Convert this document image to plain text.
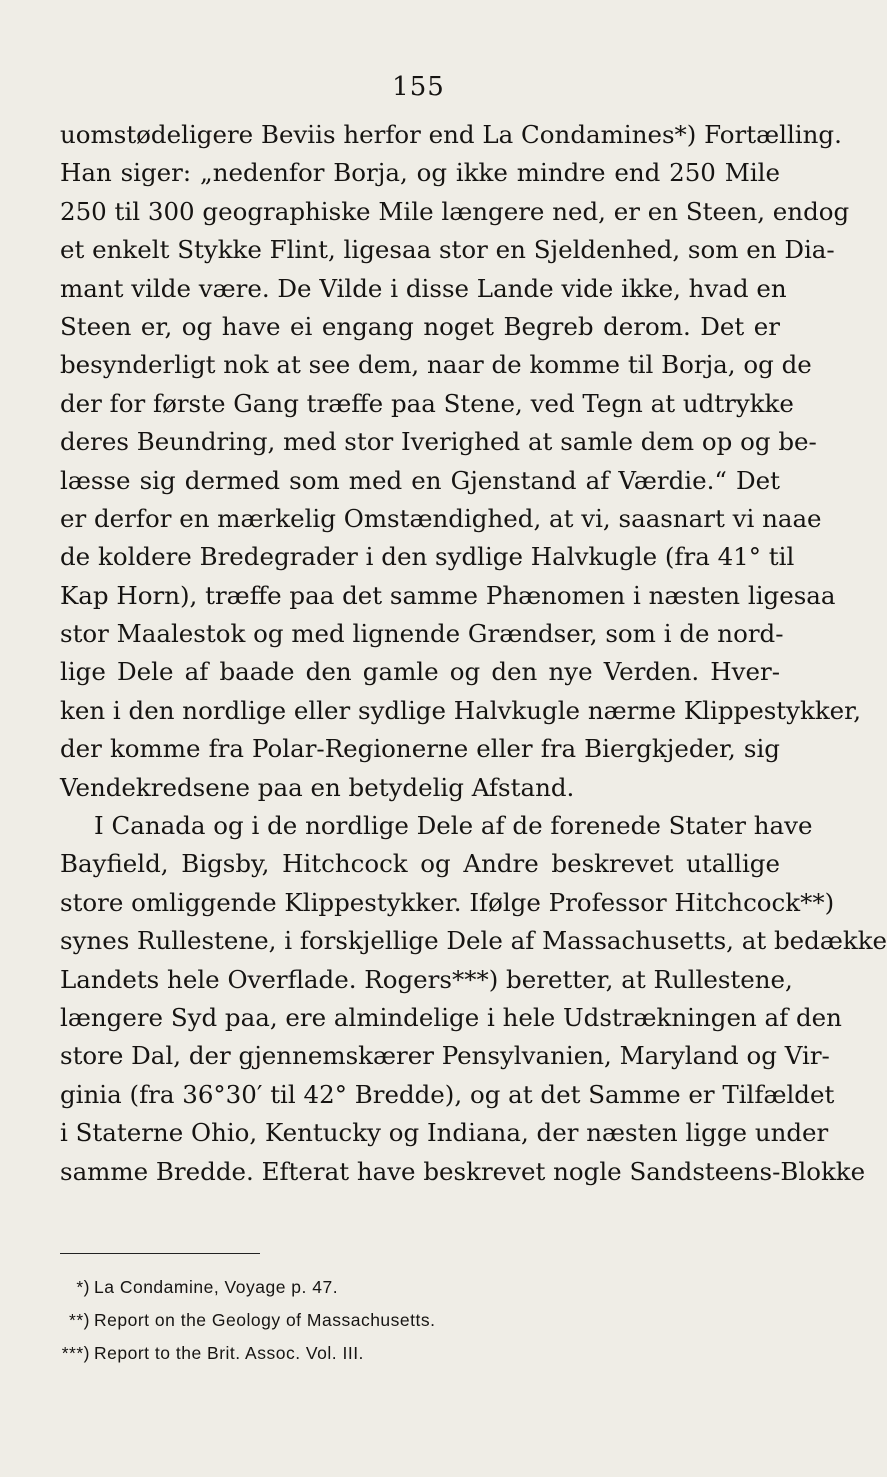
155
uomstødeligere Beviis herfor end La Condamines*) Fortælling.
Han siger: „nedenfor Borja, og ikke mindre end 250 Mile
250 til 300 geographiske Mile længere ned, er en Steen, endog
et enkelt Stykke Flint, ligesaa stor en Sjeldenhed, som en Dia-
mant vilde være. De Vilde i disse Lande vide ikke, hvad en
Steen er, og have ei engang noget Begreb derom. Det er
besynderligt nok at see dem, naar de komme til Borja, og de
der for første Gang træffe paa Stene, ved Tegn at udtrykke
deres Beundring, med stor Iverighed at samle dem op og be-
læsse sig dermed som med en Gjenstand af Værdie.“ Det
er derfor en mærkelig Omstændighed, at vi, saasnart vi naae
de koldere Bredegrader i den sydlige Halvkugle (fra 41° til
Kap Horn), træffe paa det samme Phænomen i næsten ligesaa
stor Maalestok og med lignende Grændser, som i de nord-
lige Dele af baade den gamle og den nye Verden. Hver-
ken i den nordlige eller sydlige Halvkugle nærme Klippestykker,
der komme fra Polar-Regionerne eller fra Biergkjeder, sig
Vendekredsene paa en betydelig Afstand.
I Canada og i de nordlige Dele af de forenede Stater have
Bayfield, Bigsby, Hitchcock og Andre beskrevet utallige
store omliggende Klippestykker. Ifølge Professor Hitchcock**)
synes Rullestene, i forskjellige Dele af Massachusetts, at bedække
Landets hele Overflade. Rogers***) beretter, at Rullestene,
længere Syd paa, ere almindelige i hele Udstrækningen af den
store Dal, der gjennemskærer Pensylvanien, Maryland og Vir-
ginia (fra 36°30′ til 42° Bredde), og at det Samme er Tilfældet
i Staterne Ohio, Kentucky og Indiana, der næsten ligge under
samme Bredde. Efterat have beskrevet nogle Sandsteens-Blokke
*) La Condamine, Voyage p. 47.
**) Report on the Geology of Massachusetts.
***) Report to the Brit. Assoc. Vol. III.
